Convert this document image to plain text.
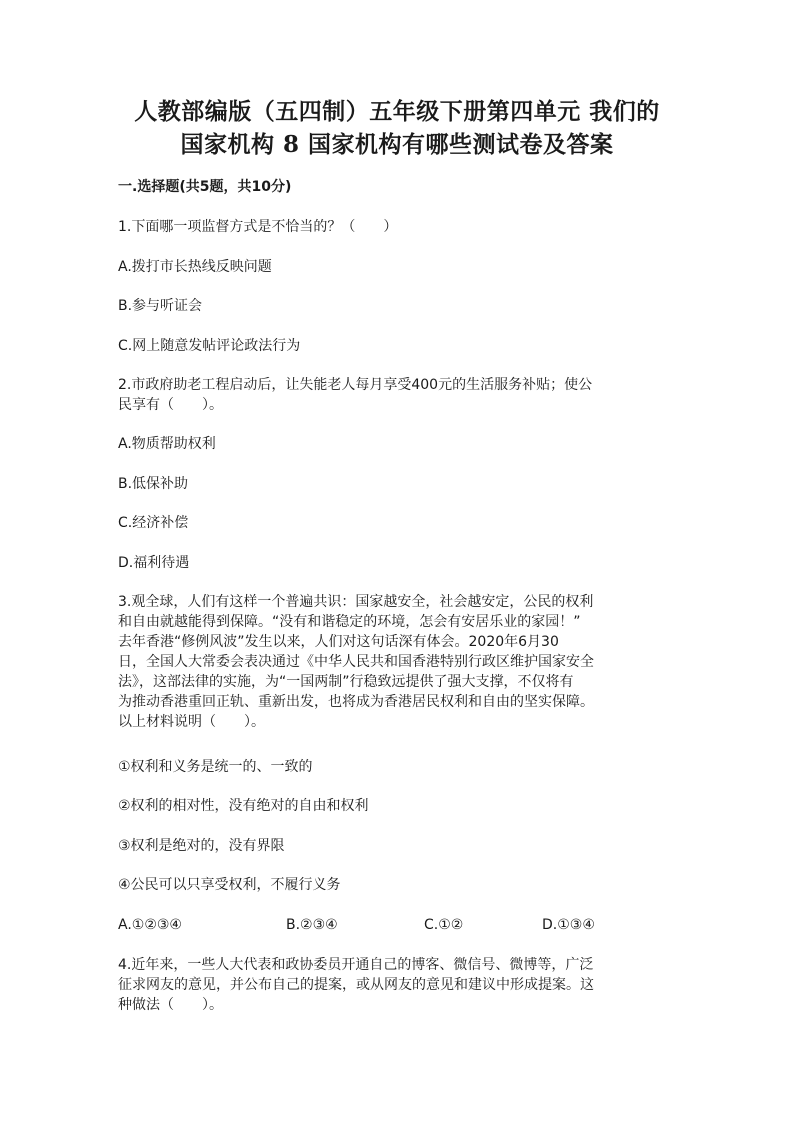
人教部编版（五四制）五年级下册第四单元 我们的
国家机构 8 国家机构有哪些测试卷及答案
一.选择题(共5题，共10分)
1.下面哪一项监督方式是不恰当的？（　　）
A.拨打市长热线反映问题
B.参与听证会
C.网上随意发帖评论政法行为
2.市政府助老工程启动后，让失能老人每月享受400元的生活服务补贴；使公
民享有（　　）。
A.物质帮助权利
B.低保补助
C.经济补偿
D.福利待遇
3.观全球，人们有这样一个普遍共识：国家越安全，社会越安定，公民的权利
和自由就越能得到保障。“没有和谐稳定的环境，怎会有安居乐业的家园！”
去年香港“修例风波”发生以来，人们对这句话深有体会。2020年6月30
日，全国人大常委会表决通过《中华人民共和国香港特别行政区维护国家安全
法》，这部法律的实施，为“一国两制”行稳致远提供了强大支撑，不仅将有
为推动香港重回正轨、重新出发，也将成为香港居民权利和自由的坚实保障。
以上材料说明（　　）。
①权利和义务是统一的、一致的
②权利的相对性，没有绝对的自由和权利
③权利是绝对的，没有界限
④公民可以只享受权利，不履行义务
A.①②③④	B.②③④	C.①②	D.①③④
4.近年来，一些人大代表和政协委员开通自己的博客、微信号、微博等，广泛
征求网友的意见，并公布自己的提案，或从网友的意见和建议中形成提案。这
种做法（　　）。
